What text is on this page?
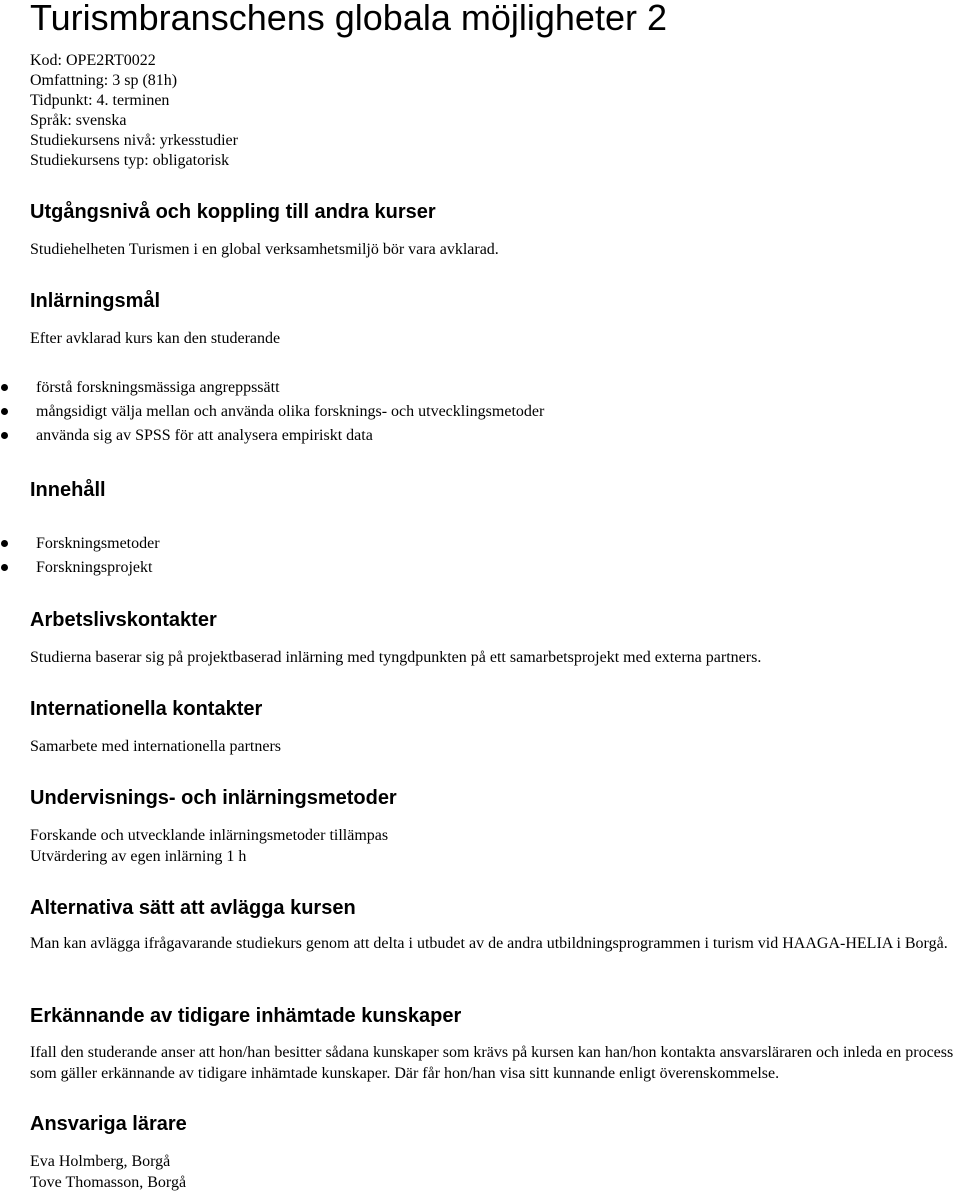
Turismbranschens globala möjligheter 2
Kod: OPE2RT0022
Omfattning: 3 sp (81h)
Tidpunkt: 4. terminen
Språk: svenska
Studiekursens nivå: yrkesstudier
Studiekursens typ: obligatorisk
Utgångsnivå och koppling till andra kurser

Studiehelheten Turismen i en global verksamhetsmiljö bör vara avklarad.

Inlärningsmål

Efter avklarad kurs kan den studerande

förstå forskningsmässiga angreppssätt
mångsidigt välja mellan och använda olika forsknings- och utvecklingsmetoder
använda sig av SPSS för att analysera empiriskt data
Innehåll
Forskningsmetoder
Forskningsprojekt
Arbetslivskontakter

Studierna baserar sig på projektbaserad inlärning med tyngdpunkten på ett samarbetsprojekt med externa partners.

Internationella kontakter

Samarbete med internationella partners

Undervisnings- och inlärningsmetoder

Forskande och utvecklande inlärningsmetoder tillämpas
Utvärdering av egen inlärning 1 h

Alternativa sätt att avlägga kursen

Man kan avlägga ifrågavarande studiekurs genom att delta i utbudet av de andra utbildningsprogrammen i turism vid HAAGA-HELIA i Borgå.

Erkännande av tidigare inhämtade kunskaper

Ifall den studerande anser att hon/han besitter sådana kunskaper som krävs på kursen kan han/hon kontakta ansvarsläraren och inleda en process som gäller erkännande av tidigare inhämtade kunskaper. Där får hon/han visa sitt kunnande enligt överenskommelse.

Ansvariga lärare

Eva Holmberg, Borgå
Tove Thomasson, Borgå
